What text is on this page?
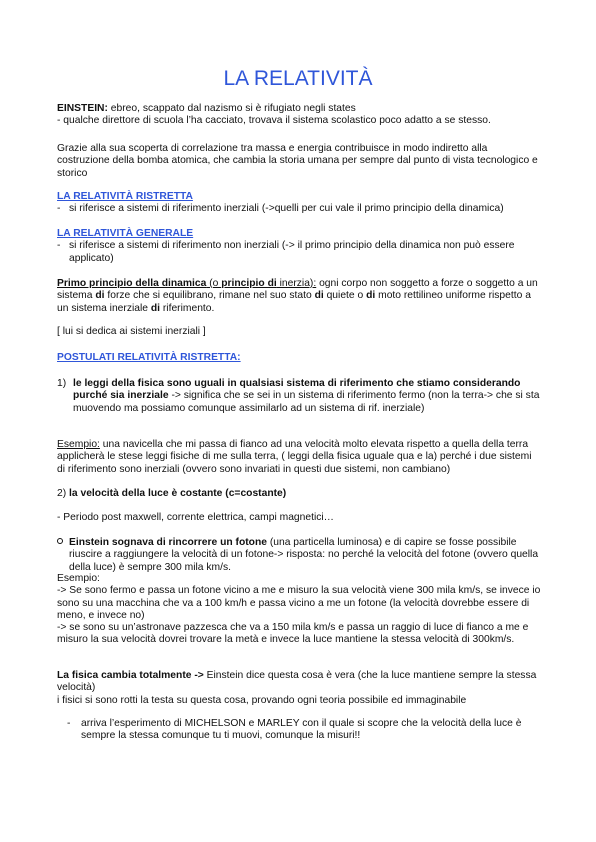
LA RELATIVITÀ
EINSTEIN: ebreo, scappato dal nazismo si è rifugiato negli states
- qualche direttore di scuola l’ha cacciato, trovava il sistema scolastico poco adatto a se stesso.
Grazie alla sua scoperta di correlazione tra massa e energia contribuisce in modo indiretto alla costruzione della bomba atomica, che cambia la storia umana per sempre dal punto di vista tecnologico e storico
LA RELATIVITÀ RISTRETTA
- si riferisce a sistemi di riferimento inerziali (->quelli per cui vale il primo principio della dinamica)
LA RELATIVITÀ GENERALE
- si riferisce a sistemi di riferimento non inerziali (-> il primo principio della dinamica non può essere applicato)
Primo principio della dinamica (o principio di inerzia): ogni corpo non soggetto a forze o soggetto a un sistema di forze che si equilibrano, rimane nel suo stato di quiete o di moto rettilineo uniforme rispetto a un sistema inerziale di riferimento.
[ lui si dedica ai sistemi inerziali ]
POSTULATI RELATIVITÀ RISTRETTA:
1) le leggi della fisica sono uguali in qualsiasi sistema di riferimento che stiamo considerando purché sia inerziale -> significa che se sei in un sistema di riferimento fermo (non la terra-> che si sta muovendo ma possiamo comunque assimilarlo ad un sistema di rif. inerziale)
Esempio: una navicella che mi passa di fianco ad una velocità molto elevata rispetto a quella della terra applicherà le stese leggi fisiche di me sulla terra, ( leggi della fisica uguale qua e la) perché i due sistemi di riferimento sono inerziali (ovvero sono invariati in questi due sistemi, non cambiano)
2) la velocità della luce è costante (c=costante)
- Periodo post maxwell, corrente elettrica, campi magnetici…
Einstein sognava di rincorrere un fotone (una particella luminosa) e di capire se fosse possibile riuscire a raggiungere la velocità di un fotone-> risposta: no perché la velocità del fotone (ovvero quella della luce) è sempre 300 mila km/s.
Esempio:
-> Se sono fermo e passa un fotone vicino a me e misuro la sua velocità viene 300 mila km/s, se invece io sono su una macchina che va a 100 km/h e passa vicino a me un fotone (la velocità dovrebbe essere di meno, e invece no)
-> se sono su un’astronave pazzesca che va a 150 mila km/s e passa un raggio di luce di fianco a me e misuro la sua velocità dovrei trovare la metà e invece la luce mantiene la stessa velocità di 300km/s.
La fisica cambia totalmente -> Einstein dice questa cosa è vera (che la luce mantiene sempre la stessa velocità)
i fisici si sono rotti la testa su questa cosa, provando ogni teoria possibile ed immaginabile
- arriva l’esperimento di MICHELSON e MARLEY con il quale si scopre che la velocità della luce è sempre la stessa comunque tu ti muovi, comunque la misuri!!
